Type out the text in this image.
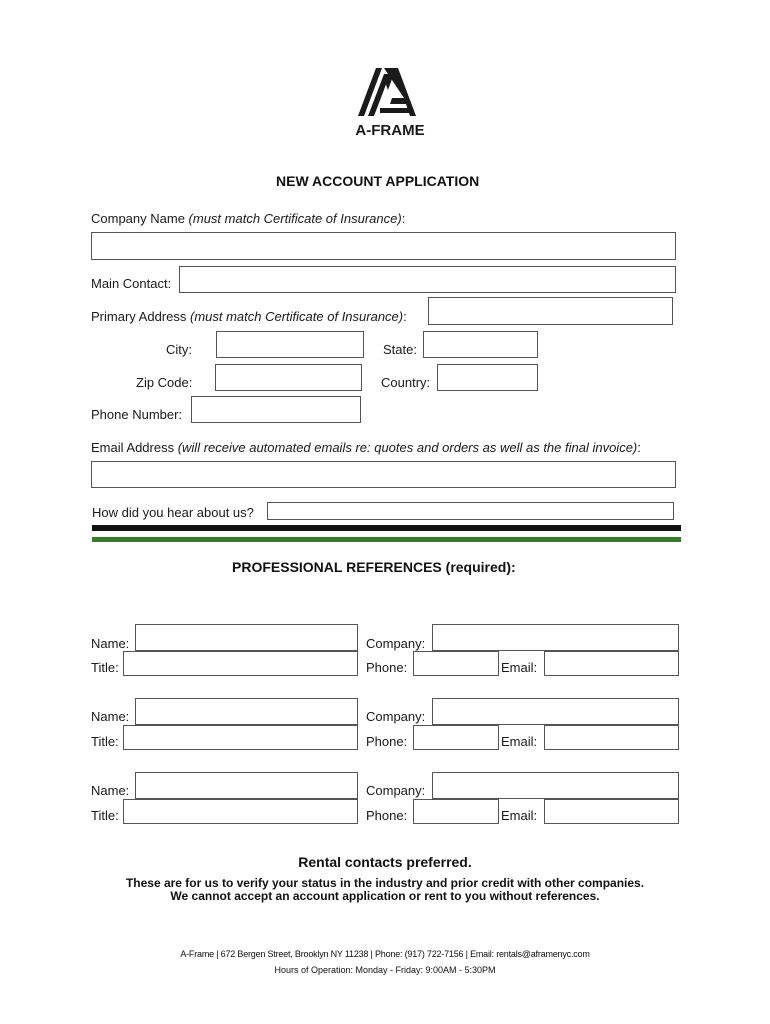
A-FRAME
NEW ACCOUNT APPLICATION
Company Name (must match Certificate of Insurance):
Main Contact:
Primary Address (must match Certificate of Insurance):
City:	State:
Zip Code:	Country:
Phone Number:
Email Address (will receive automated emails re: quotes and orders as well as the final invoice):
How did you hear about us?
PROFESSIONAL REFERENCES (required):
Name:	Company:
Title:	Phone:	Email:
Name:	Company:
Title:	Phone:	Email:
Name:	Company:
Title:	Phone:	Email:
Rental contacts preferred.
These are for us to verify your status in the industry and prior credit with other companies.
We cannot accept an account application or rent to you without references.
A-Frame | 672 Bergen Street, Brooklyn NY 11238 | Phone: (917) 722-7156 | Email: rentals@aframenyc.com
Hours of Operation: Monday - Friday: 9:00AM - 5:30PM
